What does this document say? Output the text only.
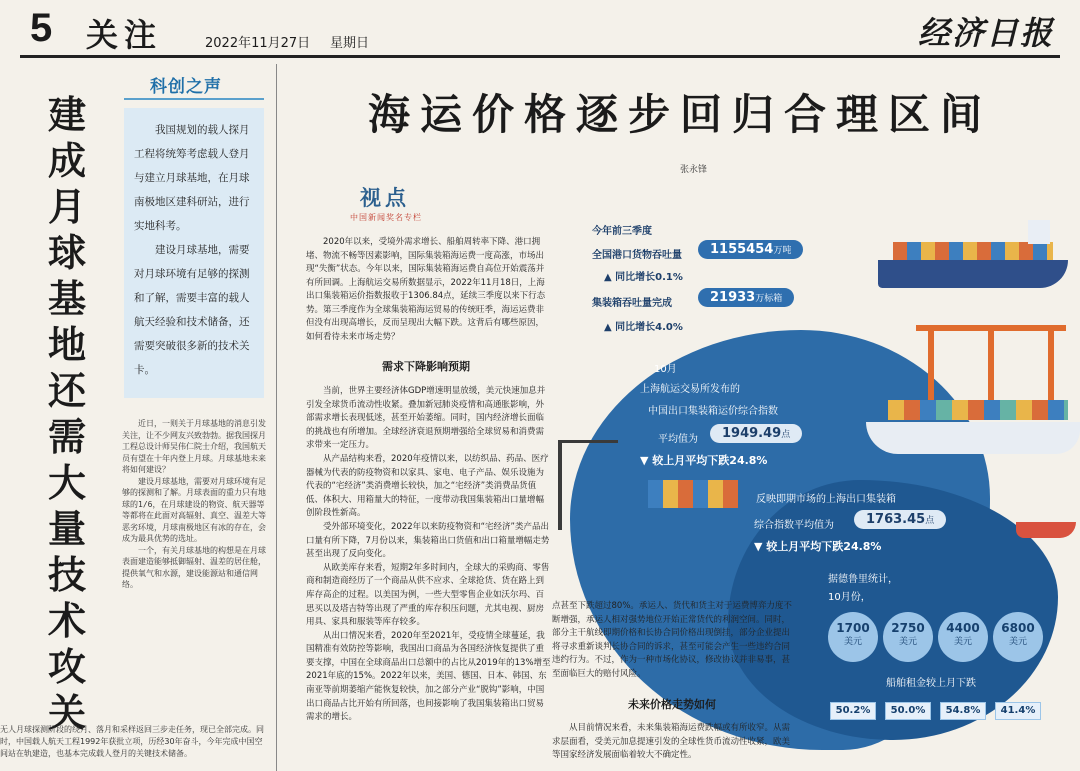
5 关注	2022年11月27日 星期日	经济日报
建成月球基地还需大量技术攻关
科创之声

我国规划的载人探月工程将统筹考虑载人登月与建立月球基地，在月球南极地区建科研站，进行实地科考。

建设月球基地，需要对月球环境有足够的探测和了解，需要丰富的载人航天经验和技术储备，还需要突破很多新的技术关卡。

近日，一则关于月球基地的消息引发关注，让不少网友兴致勃勃。据我国探月工程总设计师吴伟仁院士介绍，我国航天员有望在十年内登上月球。月球基地未来将如何建设？

建设月球基地，需要对月球环境有足够的探测和了解。月球表面的重力只有地球的1/6，在月球建设的物资、航天器等等都将在此面对高辐射、真空、温差大等恶劣环境，月球南极地区有冰的存在，会成为最具优势的选址。

一个，有关月球基地的构想是在月球表面建造能够抵御辐射、温差的居住舱，提供氧气和水源，建设能源站和通信网络。

无人月球探测阶段的绕月、落月和采样返回三步走任务，现已全部完成。同时，中国载人航天工程1992年获批立项，历经30年奋斗，今年完成中国空间站在轨建造，也基本完成载人登月的关键技术储备。
海运价格逐步回归合理区间
张永锋
视点
中国新闻奖名专栏

2020年以来，受境外需求增长、船舶周转率下降、港口拥堵、物流不畅等因素影响，国际集装箱海运费一度高涨，市场出现“失衡”状态。今年以来，国际集装箱海运费自高位开始震荡并有所回调。上海航运交易所数据显示，2022年11月18日，上海出口集装箱运价指数报收于1306.84点，延续三季度以来下行态势。第三季度作为全球集装箱海运贸易的传统旺季，海运运费非但没有出现高增长，反而呈现出大幅下跌。这背后有哪些原因，如何看待未来市场走势？

需求下降影响预期

当前，世界主要经济体GDP增速明显放缓，美元快速加息并引发全球货币流动性收紧。叠加新冠肺炎疫情和高通胀影响，外部需求增长表现低迷，甚至开始萎缩。同时，国内经济增长面临的挑战也有所增加。全球经济衰退预期增强给全球贸易和消费需求带来一定压力。

从产品结构来看，2020年疫情以来，以纺织品、药品、医疗器械为代表的防疫物资和以家具、家电、电子产品、娱乐设施为代表的“宅经济”类消费增长较快，加之“宅经济”类消费品货值低、体积大、用箱量大的特征，一度带动我国集装箱出口量增幅创阶段性新高。

受外部环境变化，2022年以来防疫物资和“宅经济”类产品出口量有所下降，7月份以来，集装箱出口货值和出口箱量增幅走势甚至出现了反向变化。

从欧美库存来看，短期2年多时间内，全球大的采购商、零售商和制造商经历了一个商品从供不应求、全球抢货、货在路上到库存高企的过程。以美国为例，一些大型零售企业如沃尔玛、百思买以及塔吉特等出现了严重的库存积压问题，尤其电视、厨房用具、家具和服装等库存较多。

从出口情况来看，2020年至2021年，受疫情全球蔓延，我国精准有效防控等影响，我国出口商品为各国经济恢复提供了重要支撑，中国在全球商品出口总额中的占比从2019年的13%增至2021年底的15%。2022年以来，美国、德国、日本、韩国、东南亚等前期萎缩产能恢复较快，加之部分产业“脱钩”影响，中国出口商品占比开始有所回落，也间接影响了我国集装箱出口贸易需求的增长。

今年前三季度
全国港口货物吞吐量	1155454万吨
▲ 同比增长0.1%
集装箱吞吐量完成	21933万标箱
▲ 同比增长4.0%
10月
上海航运交易所发布的
中国出口集装箱运价综合指数
平均值为	1949.49点
▼ 较上月平均下跌24.8%
反映即期市场的上海出口集装箱
综合指数平均值为	1763.45点
▼ 较上月平均下跌24.8%
据德鲁里统计，
10月份，
1700
美元
2750
美元
4400
美元
6800
美元
船舶租金较上月下跌
50.2%	50.0%	54.8%	41.4%

点甚至下跌超过80%。承运人、货代和货主对于运费博弈力度不断增强，承运人相对强势地位开始正常货代的利润空间。同时，部分主干航线即期价格和长协合同价格出现倒挂，部分企业提出将寻求重新谈判长协合同的诉求，甚至可能会产生一些违约合同违约行为。不过，作为一种市场化协议，修改协议并非易事，甚至面临巨大的赔付风险。

未来价格走势如何

从目前情况来看，未来集装箱海运费跌幅或有所收窄。从需求层面看，受美元加息提速引发的全球性货币流动性收紧，欧美等国家经济发展面临着较大不确定性。
